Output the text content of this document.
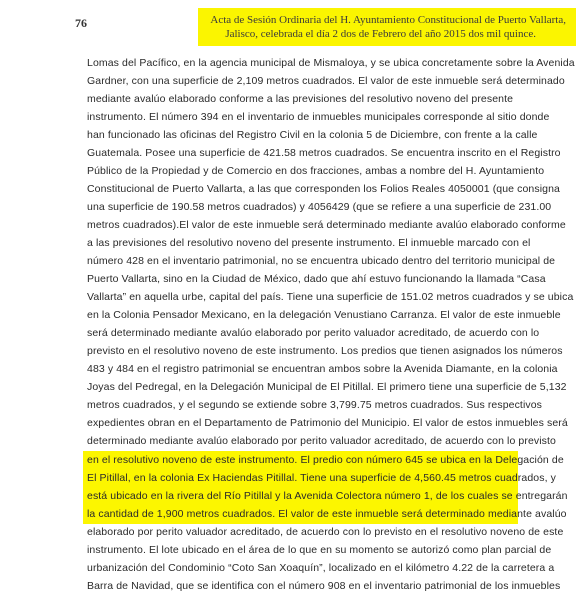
76	Acta de Sesión Ordinaria del H. Ayuntamiento Constitucional de Puerto Vallarta,
Jalisco, celebrada el día 2 dos de Febrero del año 2015 dos mil quince.
Lomas del Pacífico, en la agencia municipal de Mismaloya, y se ubica concretamente sobre la Avenida
Gardner, con una superficie de 2,109 metros cuadrados. El valor de este inmueble será determinado
mediante avalúo elaborado conforme a las previsiones del resolutivo noveno del presente
instrumento. El número 394 en el inventario de inmuebles municipales corresponde al sitio donde
han funcionado las oficinas del Registro Civil en la colonia 5 de Diciembre, con frente a la calle
Guatemala. Posee una superficie de 421.58 metros cuadrados. Se encuentra inscrito en el Registro
Público de la Propiedad y de Comercio en dos fracciones, ambas a nombre del H. Ayuntamiento
Constitucional de Puerto Vallarta, a las que corresponden los Folios Reales 4050001 (que consigna
una superficie de 190.58 metros cuadrados) y 4056429 (que se refiere a una superficie de 231.00
metros cuadrados).El valor de este inmueble será determinado mediante avalúo elaborado conforme
a las previsiones del resolutivo noveno del presente instrumento. El inmueble marcado con el
número 428 en el inventario patrimonial, no se encuentra ubicado dentro del territorio municipal de
Puerto Vallarta, sino en la Ciudad de México, dado que ahí estuvo funcionando la llamada “Casa
Vallarta” en aquella urbe, capital del país. Tiene una superficie de 151.02 metros cuadrados y se ubica
en la Colonia Pensador Mexicano, en la delegación Venustiano Carranza. El valor de este inmueble
será determinado mediante avalúo elaborado por perito valuador acreditado, de acuerdo con lo
previsto en el resolutivo noveno de este instrumento. Los predios que tienen asignados los números
483 y 484 en el registro patrimonial se encuentran ambos sobre la Avenida Diamante, en la colonia
Joyas del Pedregal, en la Delegación Municipal de El Pitillal. El primero tiene una superficie de 5,132
metros cuadrados, y el segundo se extiende sobre 3,799.75 metros cuadrados. Sus respectivos
expedientes obran en el Departamento de Patrimonio del Municipio. El valor de estos inmuebles será
determinado mediante avalúo elaborado por perito valuador acreditado, de acuerdo con lo previsto
en el resolutivo noveno de este instrumento. El predio con número 645 se ubica en la Delegación de
El Pitillal, en la colonia Ex Haciendas Pitillal. Tiene una superficie de 4,560.45 metros cuadrados, y
está ubicado en la rivera del Río Pitillal y la Avenida Colectora número 1, de los cuales se entregarán
la cantidad de 1,900 metros cuadrados. El valor de este inmueble será determinado mediante avalúo
elaborado por perito valuador acreditado, de acuerdo con lo previsto en el resolutivo noveno de este
instrumento. El lote ubicado en el área de lo que en su momento se autorizó como plan parcial de
urbanización del Condominio “Coto San Xoaquín”, localizado en el kilómetro 4.22 de la carretera a
Barra de Navidad, que se identifica con el número 908 en el inventario patrimonial de los inmuebles
